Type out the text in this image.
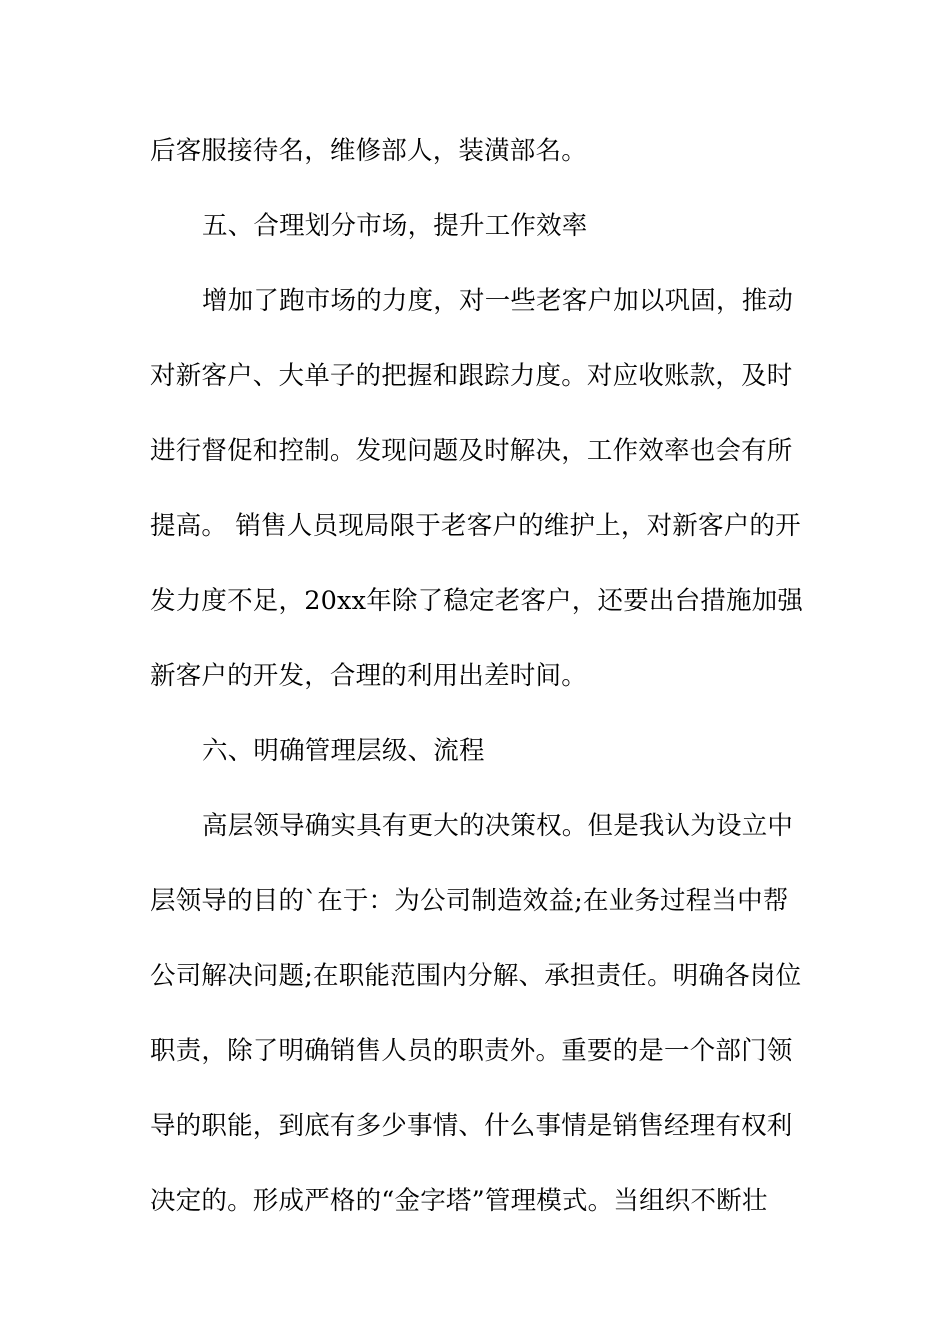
后客服接待名，维修部人，装潢部名。

五、合理划分市场，提升工作效率

增加了跑市场的力度，对一些老客户加以巩固，推动

对新客户、大单子的把握和跟踪力度。对应收账款，及时

进行督促和控制。发现问题及时解决，工作效率也会有所

提高。 销售人员现局限于老客户的维护上，对新客户的开

发力度不足，20xx年除了稳定老客户，还要出台措施加强

新客户的开发，合理的利用出差时间。

六、明确管理层级、流程

高层领导确实具有更大的决策权。但是我认为设立中

层领导的目的`在于：为公司制造效益;在业务过程当中帮

公司解决问题;在职能范围内分解、承担责任。明确各岗位

职责，除了明确销售人员的职责外。重要的是一个部门领

导的职能，到底有多少事情、什么事情是销售经理有权利

决定的。形成严格的“金字塔”管理模式。当组织不断壮
